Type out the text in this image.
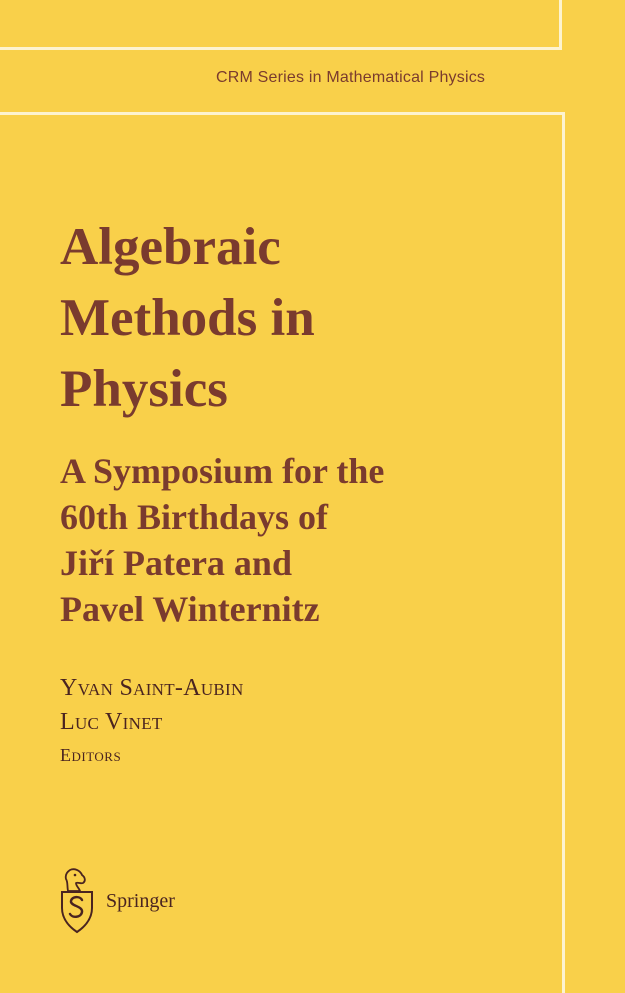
CRM Series in Mathematical Physics
Algebraic
Methods in
Physics
A Symposium for the
60th Birthdays of
Jiří Patera and
Pavel Winternitz
Yvan Saint-Aubin
Luc Vinet
Editors
Springer
